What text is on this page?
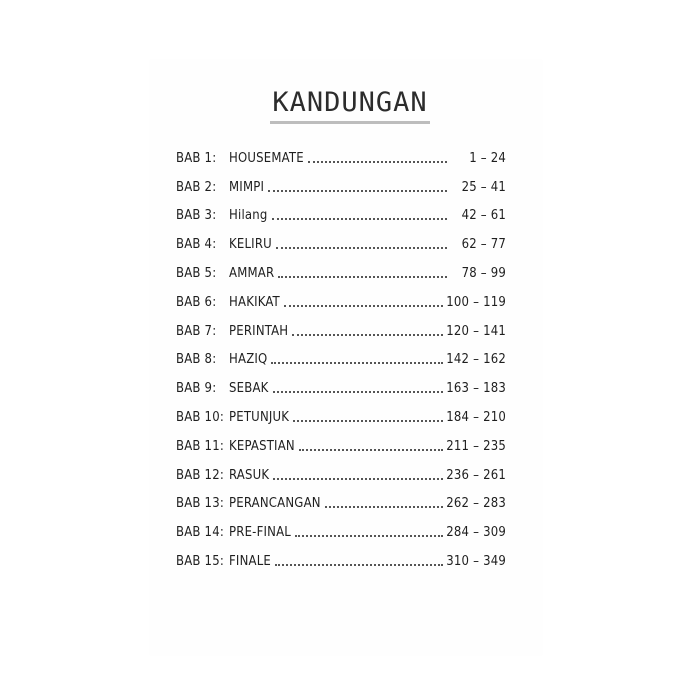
KANDUNGAN
BAB 1: HOUSEMATE	1 – 24
BAB 2: MIMPI	25 – 41
BAB 3: Hilang	42 – 61
BAB 4: KELIRU	62 – 77
BAB 5: AMMAR	78 – 99
BAB 6: HAKIKAT	100 – 119
BAB 7: PERINTAH	120 – 141
BAB 8: HAZIQ	142 – 162
BAB 9: SEBAK	163 – 183
BAB 10: PETUNJUK	184 – 210
BAB 11: KEPASTIAN	211 – 235
BAB 12: RASUK	236 – 261
BAB 13: PERANCANGAN	262 – 283
BAB 14: PRE-FINAL	284 – 309
BAB 15: FINALE	310 – 349
